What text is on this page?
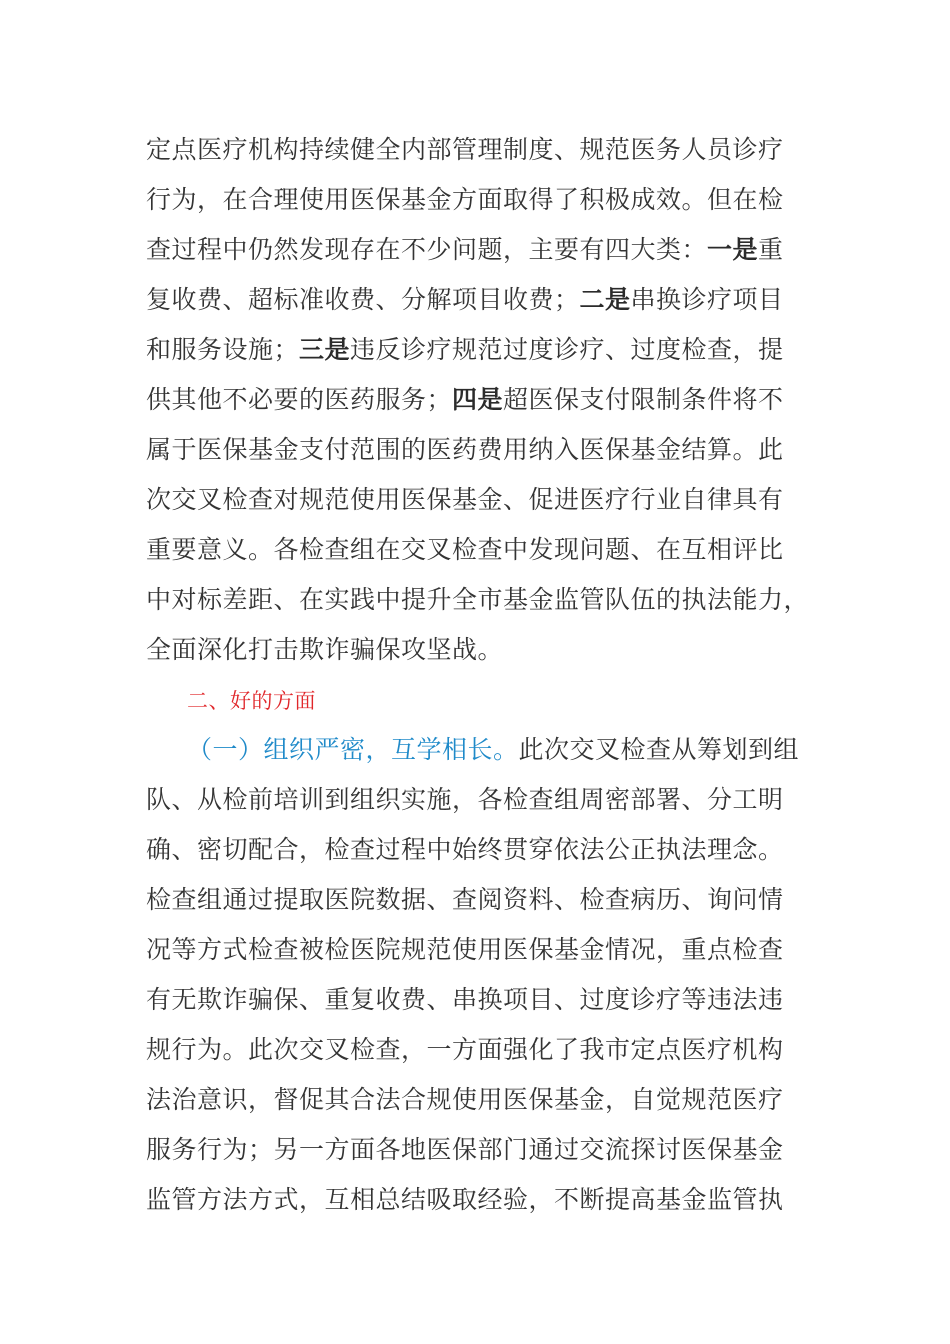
定点医疗机构持续健全内部管理制度、规范医务人员诊疗
行为，在合理使用医保基金方面取得了积极成效。但在检
查过程中仍然发现存在不少问题，主要有四大类：一是重
复收费、超标准收费、分解项目收费；二是串换诊疗项目
和服务设施；三是违反诊疗规范过度诊疗、过度检查，提
供其他不必要的医药服务；四是超医保支付限制条件将不
属于医保基金支付范围的医药费用纳入医保基金结算。此
次交叉检查对规范使用医保基金、促进医疗行业自律具有
重要意义。各检查组在交叉检查中发现问题、在互相评比
中对标差距、在实践中提升全市基金监管队伍的执法能力，
全面深化打击欺诈骗保攻坚战。
二、好的方面
（一）组织严密，互学相长。此次交叉检查从筹划到组
队、从检前培训到组织实施，各检查组周密部署、分工明
确、密切配合，检查过程中始终贯穿依法公正执法理念。
检查组通过提取医院数据、查阅资料、检查病历、询问情
况等方式检查被检医院规范使用医保基金情况，重点检查
有无欺诈骗保、重复收费、串换项目、过度诊疗等违法违
规行为。此次交叉检查，一方面强化了我市定点医疗机构
法治意识，督促其合法合规使用医保基金，自觉规范医疗
服务行为；另一方面各地医保部门通过交流探讨医保基金
监管方法方式，互相总结吸取经验，不断提高基金监管执
